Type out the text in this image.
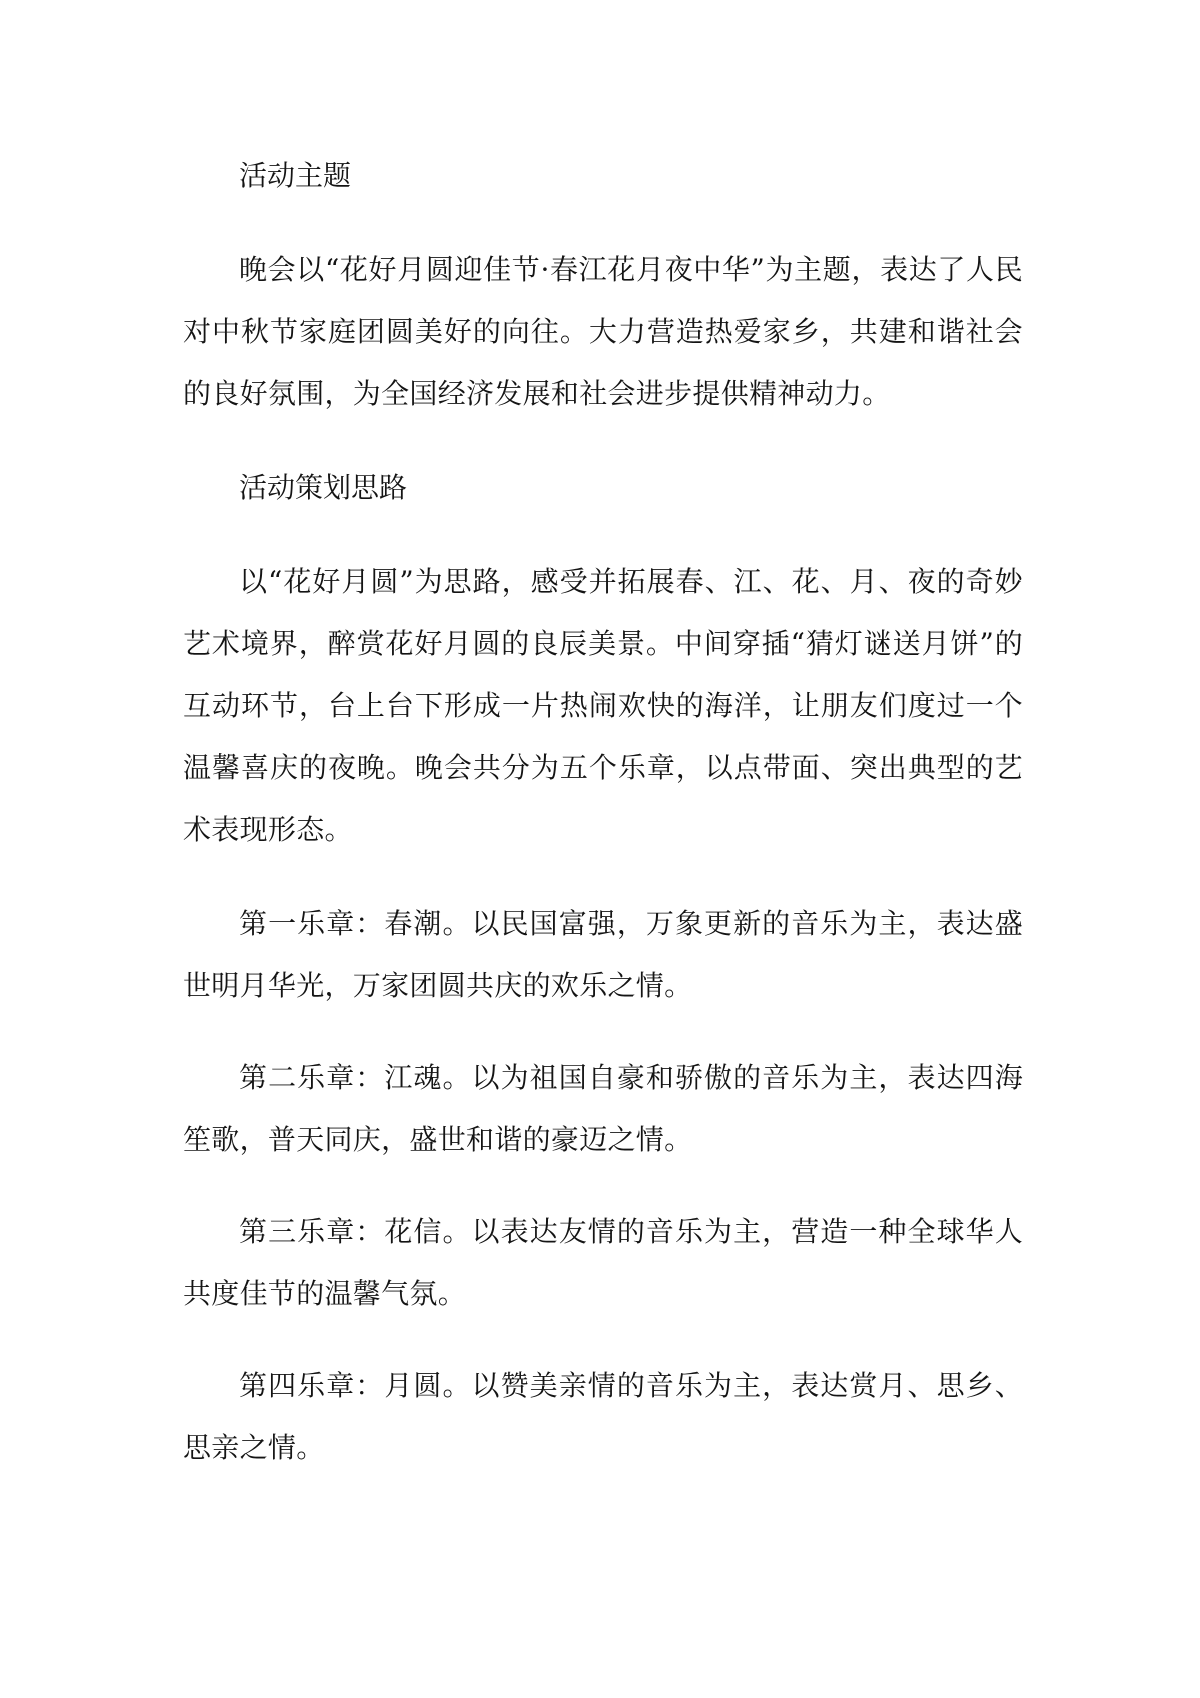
活动主题

晚会以“花好月圆迎佳节·春江花月夜中华”为主题，表达了人民对中秋节家庭团圆美好的向往。大力营造热爱家乡，共建和谐社会的良好氛围，为全国经济发展和社会进步提供精神动力。

活动策划思路

以“花好月圆”为思路，感受并拓展春、江、花、月、夜的奇妙艺术境界，醉赏花好月圆的良辰美景。中间穿插“猜灯谜送月饼”的互动环节，台上台下形成一片热闹欢快的海洋，让朋友们度过一个温馨喜庆的夜晚。晚会共分为五个乐章，以点带面、突出典型的艺术表现形态。

第一乐章：春潮。以民国富强，万象更新的音乐为主，表达盛世明月华光，万家团圆共庆的欢乐之情。

第二乐章：江魂。以为祖国自豪和骄傲的音乐为主，表达四海笙歌，普天同庆，盛世和谐的豪迈之情。

第三乐章：花信。以表达友情的音乐为主，营造一种全球华人共度佳节的温馨气氛。

第四乐章：月圆。以赞美亲情的音乐为主，表达赏月、思乡、思亲之情。
